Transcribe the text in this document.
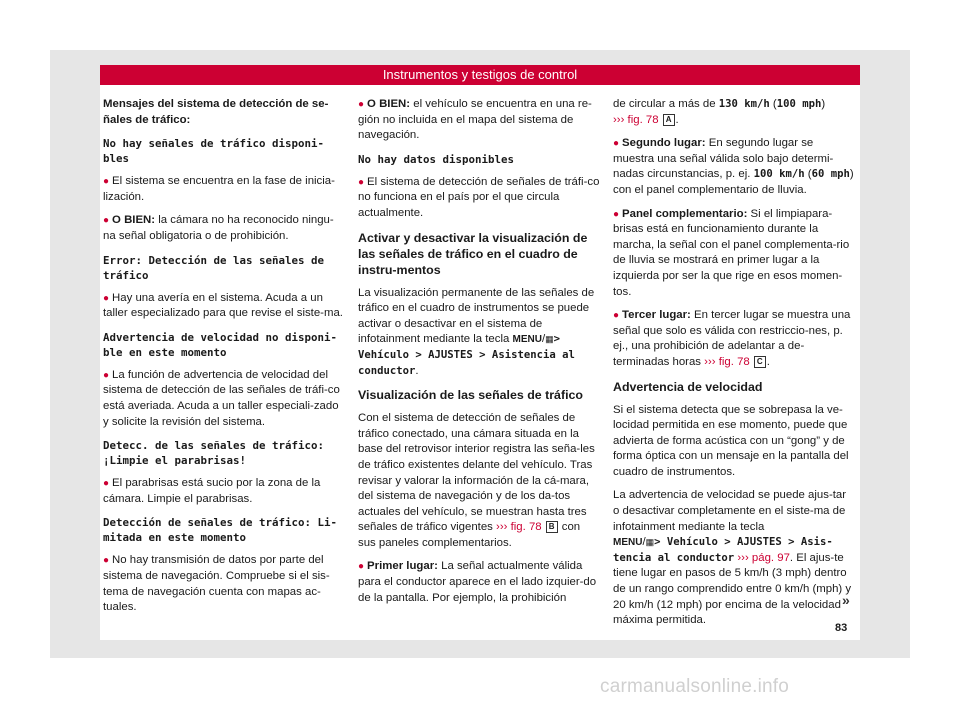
Instrumentos y testigos de control

Mensajes del sistema de detección de se-ñales de tráfico:

No hay señales de tráfico disponi-bles

● El sistema se encuentra en la fase de inicia-lización.

● O BIEN: la cámara no ha reconocido ningu-na señal obligatoria o de prohibición.

Error: Detección de las señales de tráfico

● Hay una avería en el sistema. Acuda a un taller especializado para que revise el siste-ma.

Advertencia de velocidad no disponi-ble en este momento

● La función de advertencia de velocidad del sistema de detección de las señales de tráfi-co está averiada. Acuda a un taller especiali-zado y solicite la revisión del sistema.

Detecc. de las señales de tráfico: ¡Limpie el parabrisas!

● El parabrisas está sucio por la zona de la cámara. Limpie el parabrisas.

Detección de señales de tráfico: Li-mitada en este momento

● No hay transmisión de datos por parte del sistema de navegación. Compruebe si el sis-tema de navegación cuenta con mapas ac-tuales.

● O BIEN: el vehículo se encuentra en una re-gión no incluida en el mapa del sistema de navegación.

No hay datos disponibles

● El sistema de detección de señales de tráfi-co no funciona en el país por el que circula actualmente.

Activar y desactivar la visualización de las señales de tráfico en el cuadro de instru-mentos

La visualización permanente de las señales de tráfico en el cuadro de instrumentos se puede activar o desactivar en el sistema de infotainment mediante la tecla MENU/▦> Vehículo > AJUSTES > Asistencia al conductor.

Visualización de las señales de tráfico

Con el sistema de detección de señales de tráfico conectado, una cámara situada en la base del retrovisor interior registra las seña-les de tráfico existentes delante del vehículo. Tras revisar y valorar la información de la cá-mara, del sistema de navegación y de los da-tos actuales del vehículo, se muestran hasta tres señales de tráfico vigentes ››› fig. 78 B con sus paneles complementarios.

● Primer lugar: La señal actualmente válida para el conductor aparece en el lado izquier-do de la pantalla. Por ejemplo, la prohibición

de circular a más de 130 km/h (100 mph)
››› fig. 78 A .

● Segundo lugar: En segundo lugar se muestra una señal válida solo bajo determi-nadas circunstancias, p. ej. 100 km/h (60 mph) con el panel complementario de lluvia.

● Panel complementario: Si el limpiapara-brisas está en funcionamiento durante la marcha, la señal con el panel complementa-rio de lluvia se mostrará en primer lugar a la izquierda por ser la que rige en esos momen-tos.

● Tercer lugar: En tercer lugar se muestra una señal que solo es válida con restriccio-nes, p. ej., una prohibición de adelantar a de-terminadas horas ››› fig. 78 C .

Advertencia de velocidad

Si el sistema detecta que se sobrepasa la ve-locidad permitida en ese momento, puede que advierta de forma acústica con un “gong” y de forma óptica con un mensaje en la pantalla del cuadro de instrumentos.

La advertencia de velocidad se puede ajus-tar o desactivar completamente en el siste-ma de infotainment mediante la tecla
MENU/▦> Vehículo > AJUSTES > Asis-tencia al conductor ››› pág. 97. El ajus-te tiene lugar en pasos de 5 km/h (3 mph) dentro de un rango comprendido entre 0 km/h (mph) y 20 km/h (12 mph) por encima de la velocidad máxima permitida.

»
83
carmanualsonline.info
